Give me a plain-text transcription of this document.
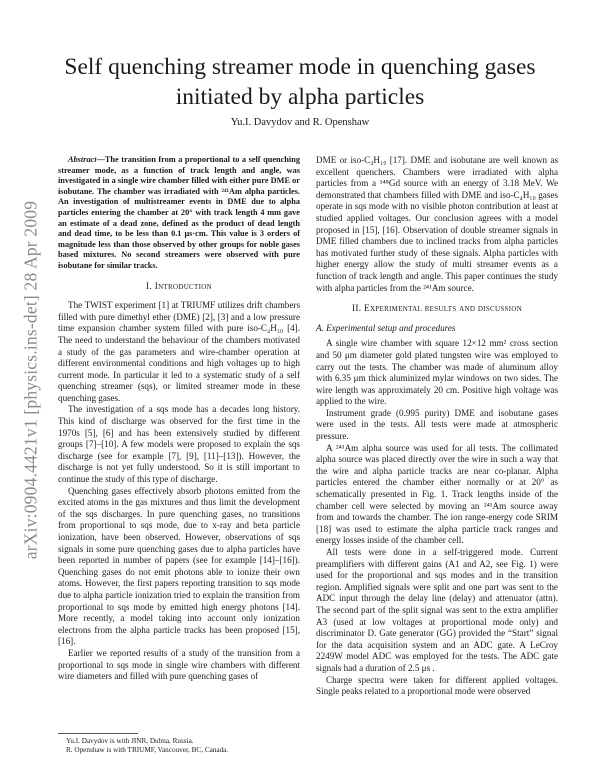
arXiv:0904.4421v1 [physics.ins-det] 28 Apr 2009
Self quenching streamer mode in quenching gases initiated by alpha particles
Yu.I. Davydov and R. Openshaw

Abstract—The transition from a proportional to a self quenching streamer mode, as a function of track length and angle, was investigated in a single wire chamber filled with either pure DME or isobutane. The chamber was irradiated with ²⁴¹Am alpha particles. An investigation of multistreamer events in DME due to alpha particles entering the chamber at 20° with track length 4 mm gave an estimate of a dead zone, defined as the product of dead length and dead time, to be less than 0.1 μs·cm. This value is 3 orders of magnitude less than those observed by other groups for noble gases based mixtures. No second streamers were observed with pure isobutane for similar tracks.

I. Introduction

The TWIST experiment [1] at TRIUMF utilizes drift chambers filled with pure dimethyl ether (DME) [2], [3] and a low pressure time expansion chamber system filled with pure iso-C₄H₁₀ [4]. The need to understand the behaviour of the chambers motivated a study of the gas parameters and wire-chamber operation at different environmental conditions and high voltages up to high current mode. In particular it led to a systematic study of a self quenching streamer (sqs), or limited streamer mode in these quenching gases.

The investigation of a sqs mode has a decades long history. This kind of discharge was observed for the first time in the 1970s [5], [6] and has been extensively studied by different groups [7]–[10]. A few models were proposed to explain the sqs discharge (see for example [7], [9], [11]–[13]). However, the discharge is not yet fully understood. So it is still important to continue the study of this type of discharge.

Quenching gases effectively absorb photons emitted from the excited atoms in the gas mixtures and thus limit the development of the sqs discharges. In pure quenching gases, no transitions from proportional to sqs mode, due to x-ray and beta particle ionization, have been observed. However, observations of sqs signals in some pure quenching gases due to alpha particles have been reported in number of papers (see for example [14]–[16]). Quenching gases do not emit photons able to ionize their own atoms. However, the first papers reporting transition to sqs mode due to alpha particle ionization tried to explain the transition from proportional to sqs mode by emitted high energy photons [14]. More recently, a model taking into account only ionization electrons from the alpha particle tracks has been proposed [15], [16].

Earlier we reported results of a study of the transition from a proportional to sqs mode in single wire chambers with different wire diameters and filled with pure quenching gases of

DME or iso-C₄H₁₀ [17]. DME and isobutane are well known as excellent quenchers. Chambers were irradiated with alpha particles from a ¹⁴⁸Gd source with an energy of 3.18 MeV. We demonstrated that chambers filled with DME and iso-C₄H₁₀ gases operate in sqs mode with no visible photon contribution at least at studied applied voltages. Our conclusion agrees with a model proposed in [15], [16]. Observation of double streamer signals in DME filled chambers due to inclined tracks from alpha particles has motivated further study of these signals. Alpha particles with higher energy allow the study of multi streamer events as a function of track length and angle. This paper continues the study with alpha particles from the ²⁴¹Am source.

II. Experimental results and discussion
A. Experimental setup and procedures

A single wire chamber with square 12×12 mm² cross section and 50 μm diameter gold plated tungsten wire was employed to carry out the tests. The chamber was made of aluminum alloy with 6.35 μm thick aluminized mylar windows on two sides. The wire length was approximately 20 cm. Positive high voltage was applied to the wire.

Instrument grade (0.995 purity) DME and isobutane gases were used in the tests. All tests were made at atmospheric pressure.

A ²⁴¹Am alpha source was used for all tests. The collimated alpha source was placed directly over the wire in such a way that the wire and alpha particle tracks are near co-planar. Alpha particles entered the chamber either normally or at 20° as schematically presented in Fig. 1. Track lengths inside of the chamber cell were selected by moving an ²⁴¹Am source away from and towards the chamber. The ion range-energy code SRIM [18] was used to estimate the alpha particle track ranges and energy losses inside of the chamber cell.

All tests were done in a self-triggered mode. Current preamplifiers with different gains (A1 and A2, see Fig. 1) were used for the proportional and sqs modes and in the transition region. Amplified signals were split and one part was sent to the ADC input through the delay line (delay) and attenuator (attn). The second part of the split signal was sent to the extra amplifier A3 (used at low voltages at proportional mode only) and discriminator D. Gate generator (GG) provided the “Start” signal for the data acquisition system and an ADC gate. A LeCroy 2249W model ADC was employed for the tests. The ADC gate signals had a duration of 2.5 μs .

Charge spectra were taken for different applied voltages. Single peaks related to a proportional mode were observed

Yu.I. Davydov is with JINR, Dubna, Russia.
R. Openshaw is with TRIUMF, Vancouver, BC, Canada.
